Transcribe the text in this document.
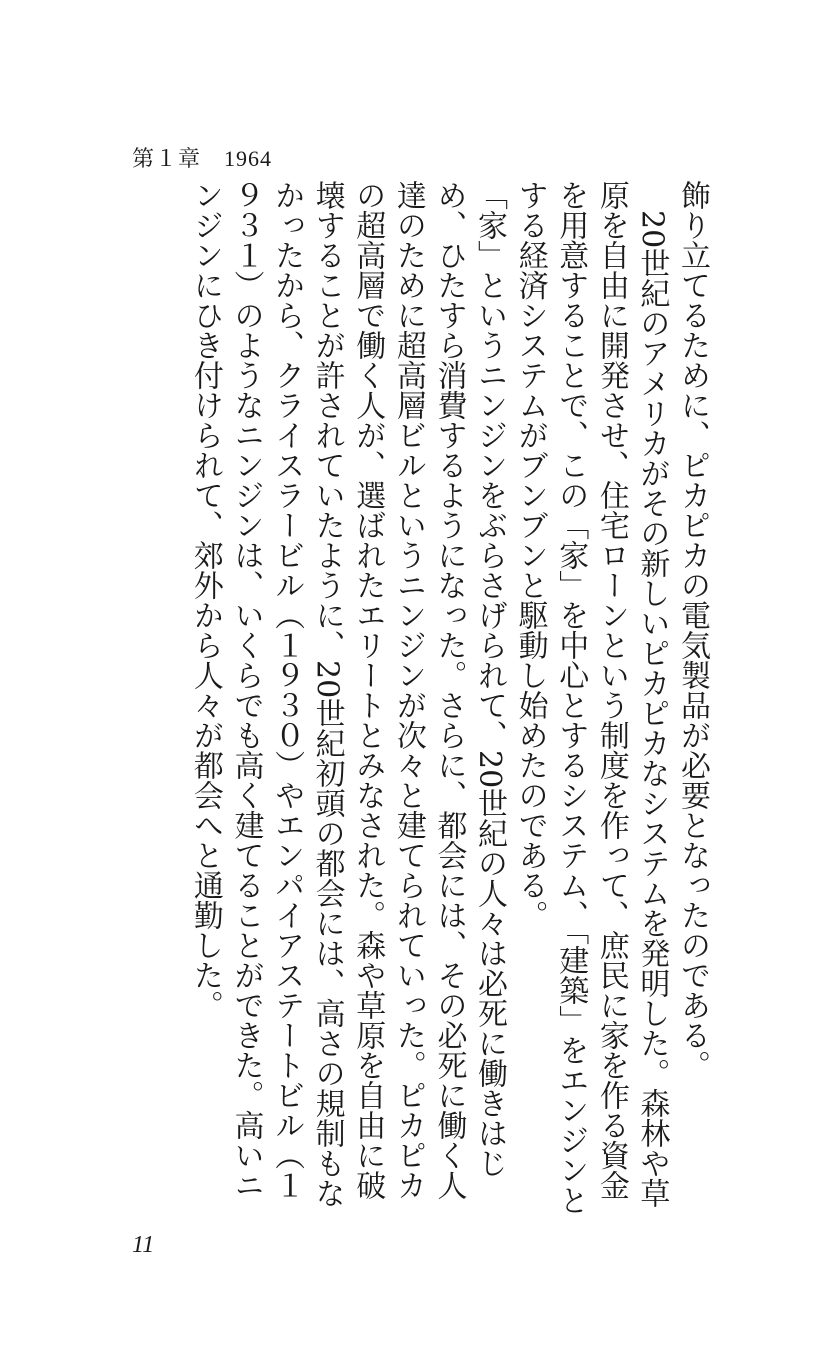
第１章　1964

飾り立てるために、ピカピカの電気製品が必要となったのである。

20世紀のアメリカがその新しいピカピカなシステムを発明した。森林や草原を自由に開発させ、住宅ローンという制度を作って、庶民に家を作る資金を用意することで、この「家」を中心とするシステム、「建築」をエンジンとする経済システムがブンブンと駆動し始めたのである。

「家」というニンジンをぶらさげられて、20世紀の人々は必死に働きはじめ、ひたすら消費するようになった。さらに、都会には、その必死に働く人達のために超高層ビルというニンジンが次々と建てられていった。ピカピカの超高層で働く人が、選ばれたエリートとみなされた。森や草原を自由に破壊することが許されていたように、20世紀初頭の都会には、高さの規制もなかったから、クライスラービル（１９３０）やエンパイアステートビル（１９３１）のようなニンジンは、いくらでも高く建てることができた。高いニンジンにひき付けられて、郊外から人々が都会へと通勤した。

11
